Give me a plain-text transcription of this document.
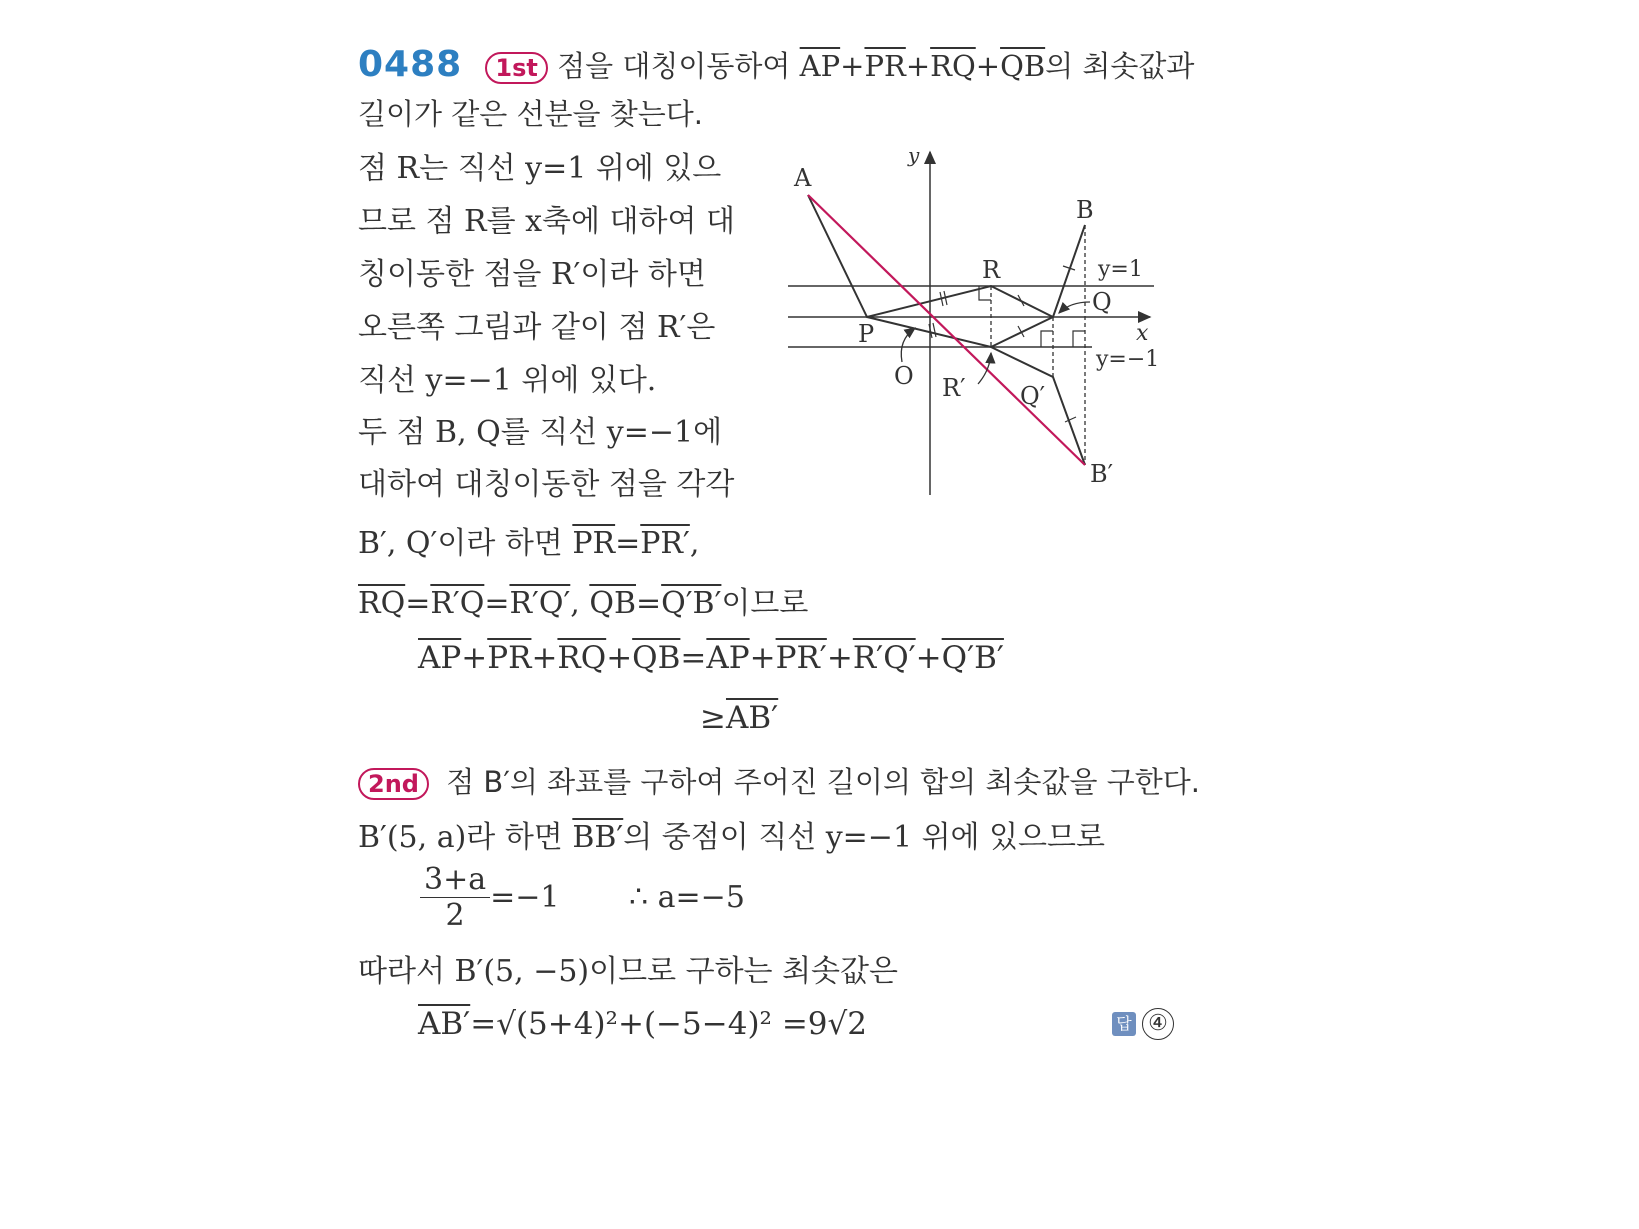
0488 1st 점을 대칭이동하여 $\overline{AP}+\overline{PR}+\overline{RQ}+\overline{QB}$의 최솟값과
길이가 같은 선분을 찾는다.
점 R는 직선 y=1 위에 있으
므로 점 R를 x축에 대하여 대
칭이동한 점을 R′이라 하면
오른쪽 그림과 같이 점 R′은
직선 y=−1 위에 있다.
두 점 B, Q를 직선 y=−1에
대하여 대칭이동한 점을 각각
B′, Q′이라 하면 $\overline{PR}=PR'$,
$\overline{RQ}=R'Q=R'Q'$, $\overline{QB}=Q'B'$이므로
$\overline{AP}+\overline{PR}+\overline{RQ}+\overline{QB}=\overline{AP}+PR'+R'Q'+Q'B'$
≥AB′
2nd 점 B′의 좌표를 구하여 주어진 길이의 합의 최솟값을 구한다.
B′(5, a)라 하면 BB′의 중점이 직선 y=−1 위에 있으므로
$\frac{3+a}{2} =-1$ ∴ a=−5
따라서 B′(5, −5)이므로 구하는 최솟값은
AB′=√(5+4)²+(−5−4)² =9√2	답 ④
A
B
B′
P
R
R′
Q
Q′
O
x
y
y=1
y=−1
